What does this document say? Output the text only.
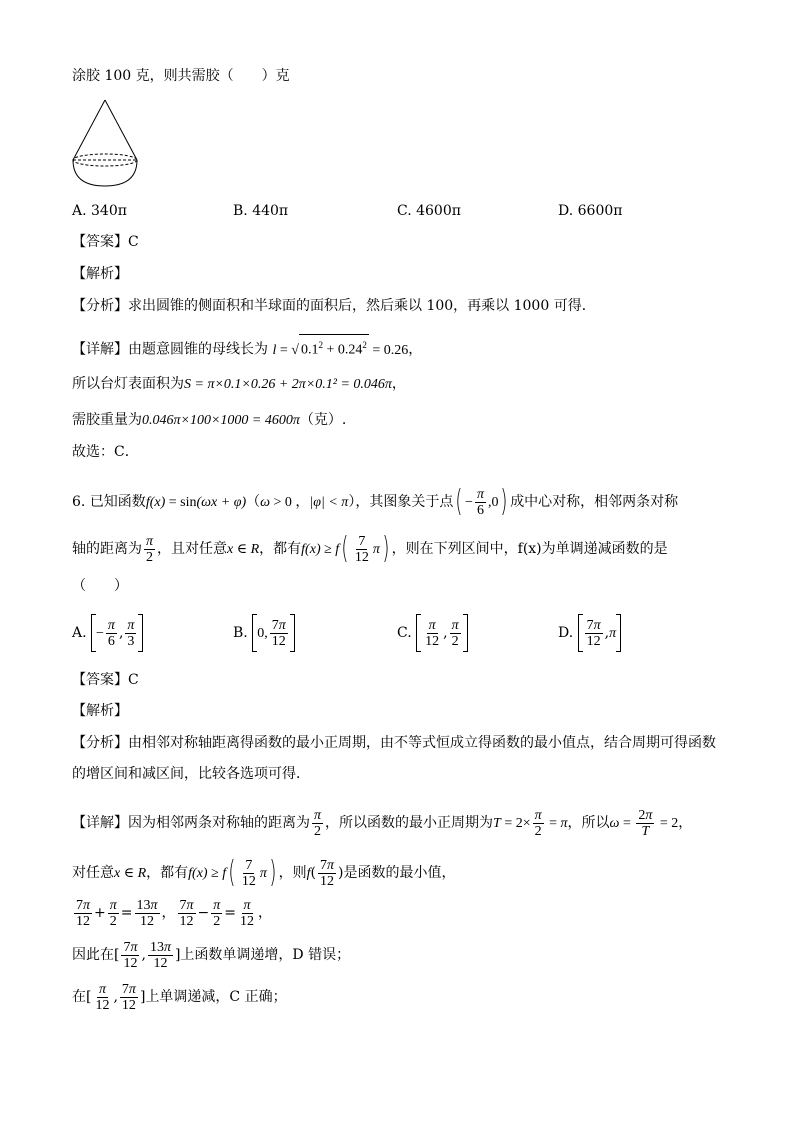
涂胶 100 克，则共需胶（　　）克
A. 340π	B. 440π	C. 4600π	D. 6600π
【答案】C
【解析】
【分析】求出圆锥的侧面积和半球面的面积后，然后乘以 100，再乘以 1000 可得．
【详解】由题意圆锥的母线长为 l = √ $0.1^2 + 0.24^2 = 0.26$，
所以台灯表面积为S = π×0.1×0.26 + 2π×0.1² = 0.046π，
需胶重量为0.046π×100×1000 = 4600π（克）.
故选：C．
6. 已知函数f(x) = sin(ωx + φ)（ω > 0 ，|φ| < π），其图象关于点( − $\frac{\pi}{6} ,0$) 成中心对称，相邻两条对称
轴的距离为 $\frac{\pi}{2}$ ，且对任意x ∈ R，都有$f(x) \ge f( \frac{7}{12} \pi)$ ，则在下列区间中，f(x)为单调递减函数的是
（　　）
A. − $\frac{\pi}{6}$ , $\frac{\pi}{3}$	B. 0, $\frac{7\pi}{12}$	C. $\frac{\pi}{12}$ , $\frac{\pi}{2}$	D. $\frac{7\pi}{12} ,\pi$
【答案】C
【解析】
【分析】由相邻对称轴距离得函数的最小正周期，由不等式恒成立得函数的最小值点，结合周期可得函数
的增区间和减区间，比较各选项可得．
【详解】因为相邻两条对称轴的距离为 $\frac{\pi}{2}$ ，所以函数的最小正周期为$T = 2\times \frac{\pi}{2} = \pi$，所以$\omega = \frac{2\pi}{T} = 2$，
对任意x ∈ R，都有$f(x) \ge f( \frac{7}{12} \pi)$ ，则$f( \frac{7\pi}{12}$ )是函数的最小值，
$\frac{7\pi}{12} + \frac{\pi}{2} = \frac{13\pi}{12}$ ， $\frac{7\pi}{12} - \frac{\pi}{2} = \frac{\pi}{12}$ ，
因此在[ $\frac{7\pi}{12}$ , $\frac{13\pi}{12}$ ]上函数单调递增，D 错误；
在[ $\frac{\pi}{12}$ , $\frac{7\pi}{12}$ ]上单调递减，C 正确；
